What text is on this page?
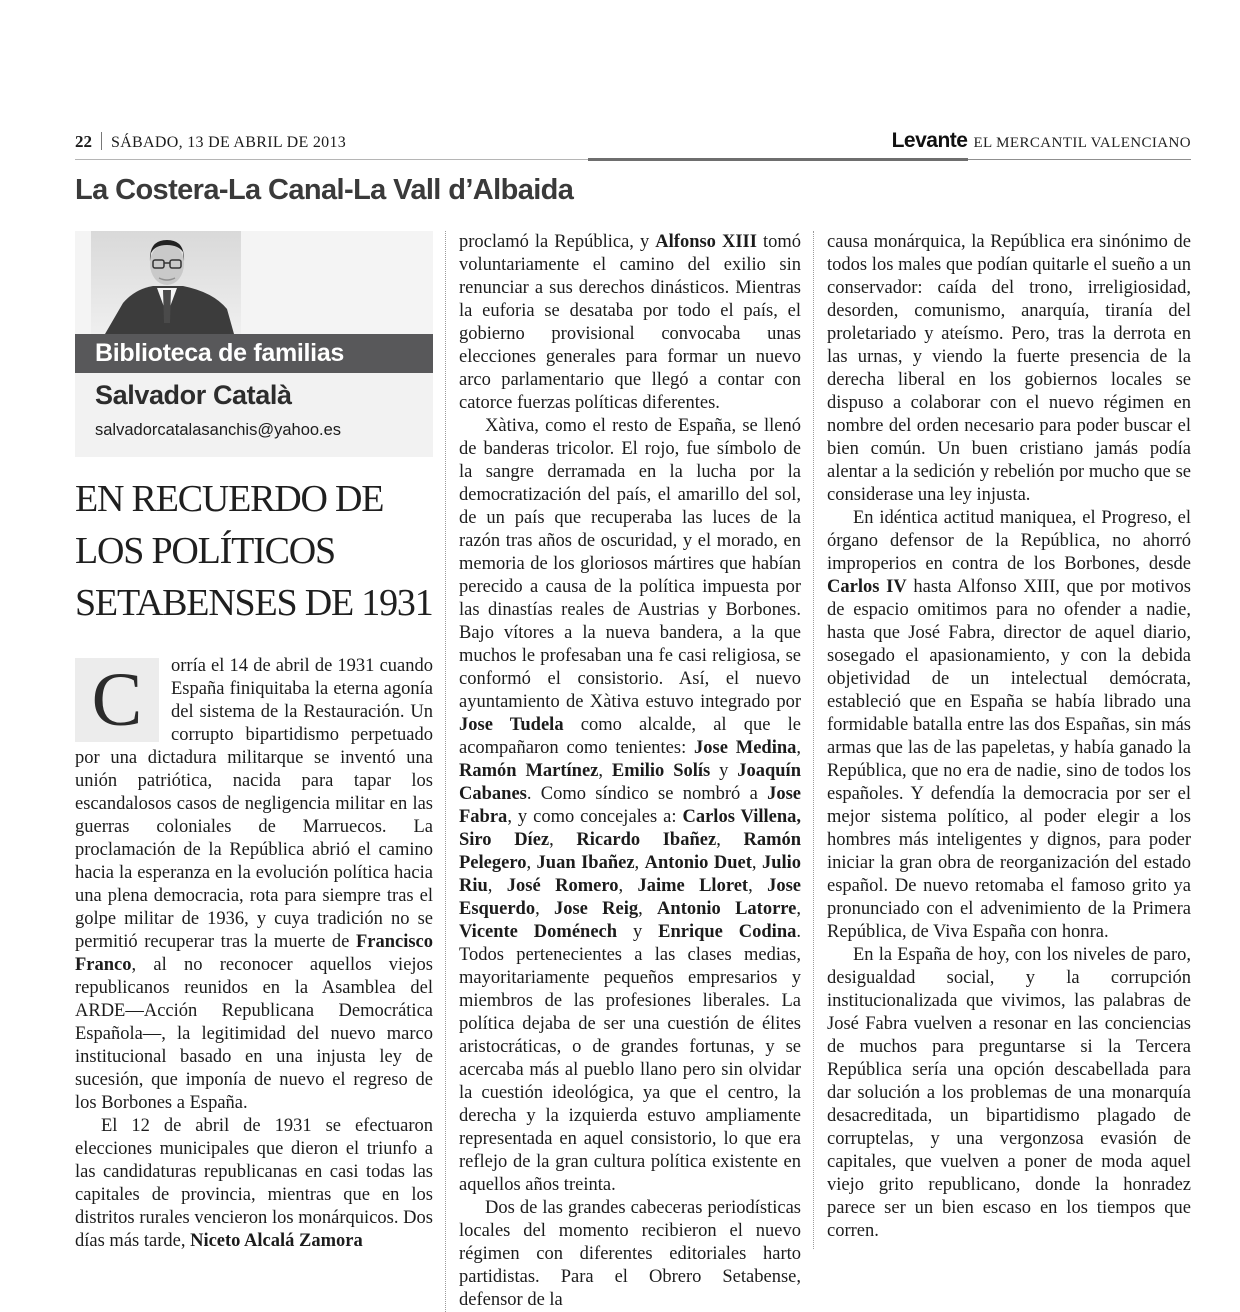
22 SÁBADO, 13 DE ABRIL DE 2013	Levante EL MERCANTIL VALENCIANO
La Costera-La Canal-La Vall d’Albaida
Biblioteca de familias
Salvador Català
salvadorcatalasanchis@yahoo.es
EN RECUERDO DE
LOS POLÍTICOS
SETABENSES DE 1931

C	orría el 14 de abril de 1931 cuando España finiquitaba la eterna agonía del sistema de la Restauración. Un corrupto bipartidismo perpetuado por una dictadura militarque se inventó una unión patriótica, nacida para tapar los escandalosos casos de negligencia militar en las guerras coloniales de Marruecos. La proclamación de la República abrió el camino hacia la esperanza en la evolución política hacia una plena democracia, rota para siempre tras el golpe militar de 1936, y cuya tradición no se permitió recuperar tras la muerte de Francisco Franco, al no reconocer aquellos viejos republicanos reunidos en la Asamblea del ARDE—Acción Republicana Democrática Española—, la legitimidad del nuevo marco institucional basado en una injusta ley de sucesión, que imponía de nuevo el regreso de los Borbones a España.

El 12 de abril de 1931 se efectuaron elecciones municipales que dieron el triunfo a las candidaturas republicanas en casi todas las capitales de provincia, mientras que en los distritos rurales vencieron los monárquicos. Dos días más tarde, Niceto Alcalá Zamora

proclamó la República, y Alfonso XIII tomó voluntariamente el camino del exilio sin renunciar a sus derechos dinásticos. Mientras la euforia se desataba por todo el país, el gobierno provisional convocaba unas elecciones generales para formar un nuevo arco parlamentario que llegó a contar con catorce fuerzas políticas diferentes.

Xàtiva, como el resto de España, se llenó de banderas tricolor. El rojo, fue símbolo de la sangre derramada en la lucha por la democratización del país, el amarillo del sol, de un país que recuperaba las luces de la razón tras años de oscuridad, y el morado, en memoria de los gloriosos mártires que habían perecido a causa de la política impuesta por las dinastías reales de Austrias y Borbones. Bajo vítores a la nueva bandera, a la que muchos le profesaban una fe casi religiosa, se conformó el consistorio. Así, el nuevo ayuntamiento de Xàtiva estuvo integrado por Jose Tudela como alcalde, al que le acompañaron como tenientes: Jose Medina, Ramón Martínez, Emilio Solís y Joaquín Cabanes. Como síndico se nombró a Jose Fabra, y como concejales a: Carlos Villena, Siro Díez, Ricardo Ibañez, Ramón Pelegero, Juan Ibañez, Antonio Duet, Julio Riu, José Romero, Jaime Lloret, Jose Esquerdo, Jose Reig, Antonio Latorre, Vicente Doménech y Enrique Codina. Todos pertenecientes a las clases medias, mayoritariamente pequeños empresarios y miembros de las profesiones liberales. La política dejaba de ser una cuestión de élites aristocráticas, o de grandes fortunas, y se acercaba más al pueblo llano pero sin olvidar la cuestión ideológica, ya que el centro, la derecha y la izquierda estuvo ampliamente representada en aquel consistorio, lo que era reflejo de la gran cultura política existente en aquellos años treinta.

Dos de las grandes cabeceras periodísticas locales del momento recibieron el nuevo régimen con diferentes editoriales harto partidistas. Para el Obrero Setabense, defensor de la

causa monárquica, la República era sinónimo de todos los males que podían quitarle el sueño a un conservador: caída del trono, irreligiosidad, desorden, comunismo, anarquía, tiranía del proletariado y ateísmo. Pero, tras la derrota en las urnas, y viendo la fuerte presencia de la derecha liberal en los gobiernos locales se dispuso a colaborar con el nuevo régimen en nombre del orden necesario para poder buscar el bien común. Un buen cristiano jamás podía alentar a la sedición y rebelión por mucho que se considerase una ley injusta.

En idéntica actitud maniquea, el Progreso, el órgano defensor de la República, no ahorró improperios en contra de los Borbones, desde Carlos IV hasta Alfonso XIII, que por motivos de espacio omitimos para no ofender a nadie, hasta que José Fabra, director de aquel diario, sosegado el apasionamiento, y con la debida objetividad de un intelectual demócrata, estableció que en España se había librado una formidable batalla entre las dos Españas, sin más armas que las de las papeletas, y había ganado la República, que no era de nadie, sino de todos los españoles. Y defendía la democracia por ser el mejor sistema político, al poder elegir a los hombres más inteligentes y dignos, para poder iniciar la gran obra de reorganización del estado español. De nuevo retomaba el famoso grito ya pronunciado con el advenimiento de la Primera República, de Viva España con honra.

En la España de hoy, con los niveles de paro, desigualdad social, y la corrupción institucionalizada que vivimos, las palabras de José Fabra vuelven a resonar en las conciencias de muchos para preguntarse si la Tercera República sería una opción descabellada para dar solución a los problemas de una monarquía desacreditada, un bipartidismo plagado de corruptelas, y una vergonzosa evasión de capitales, que vuelven a poner de moda aquel viejo grito republicano, donde la honradez parece ser un bien escaso en los tiempos que corren.
